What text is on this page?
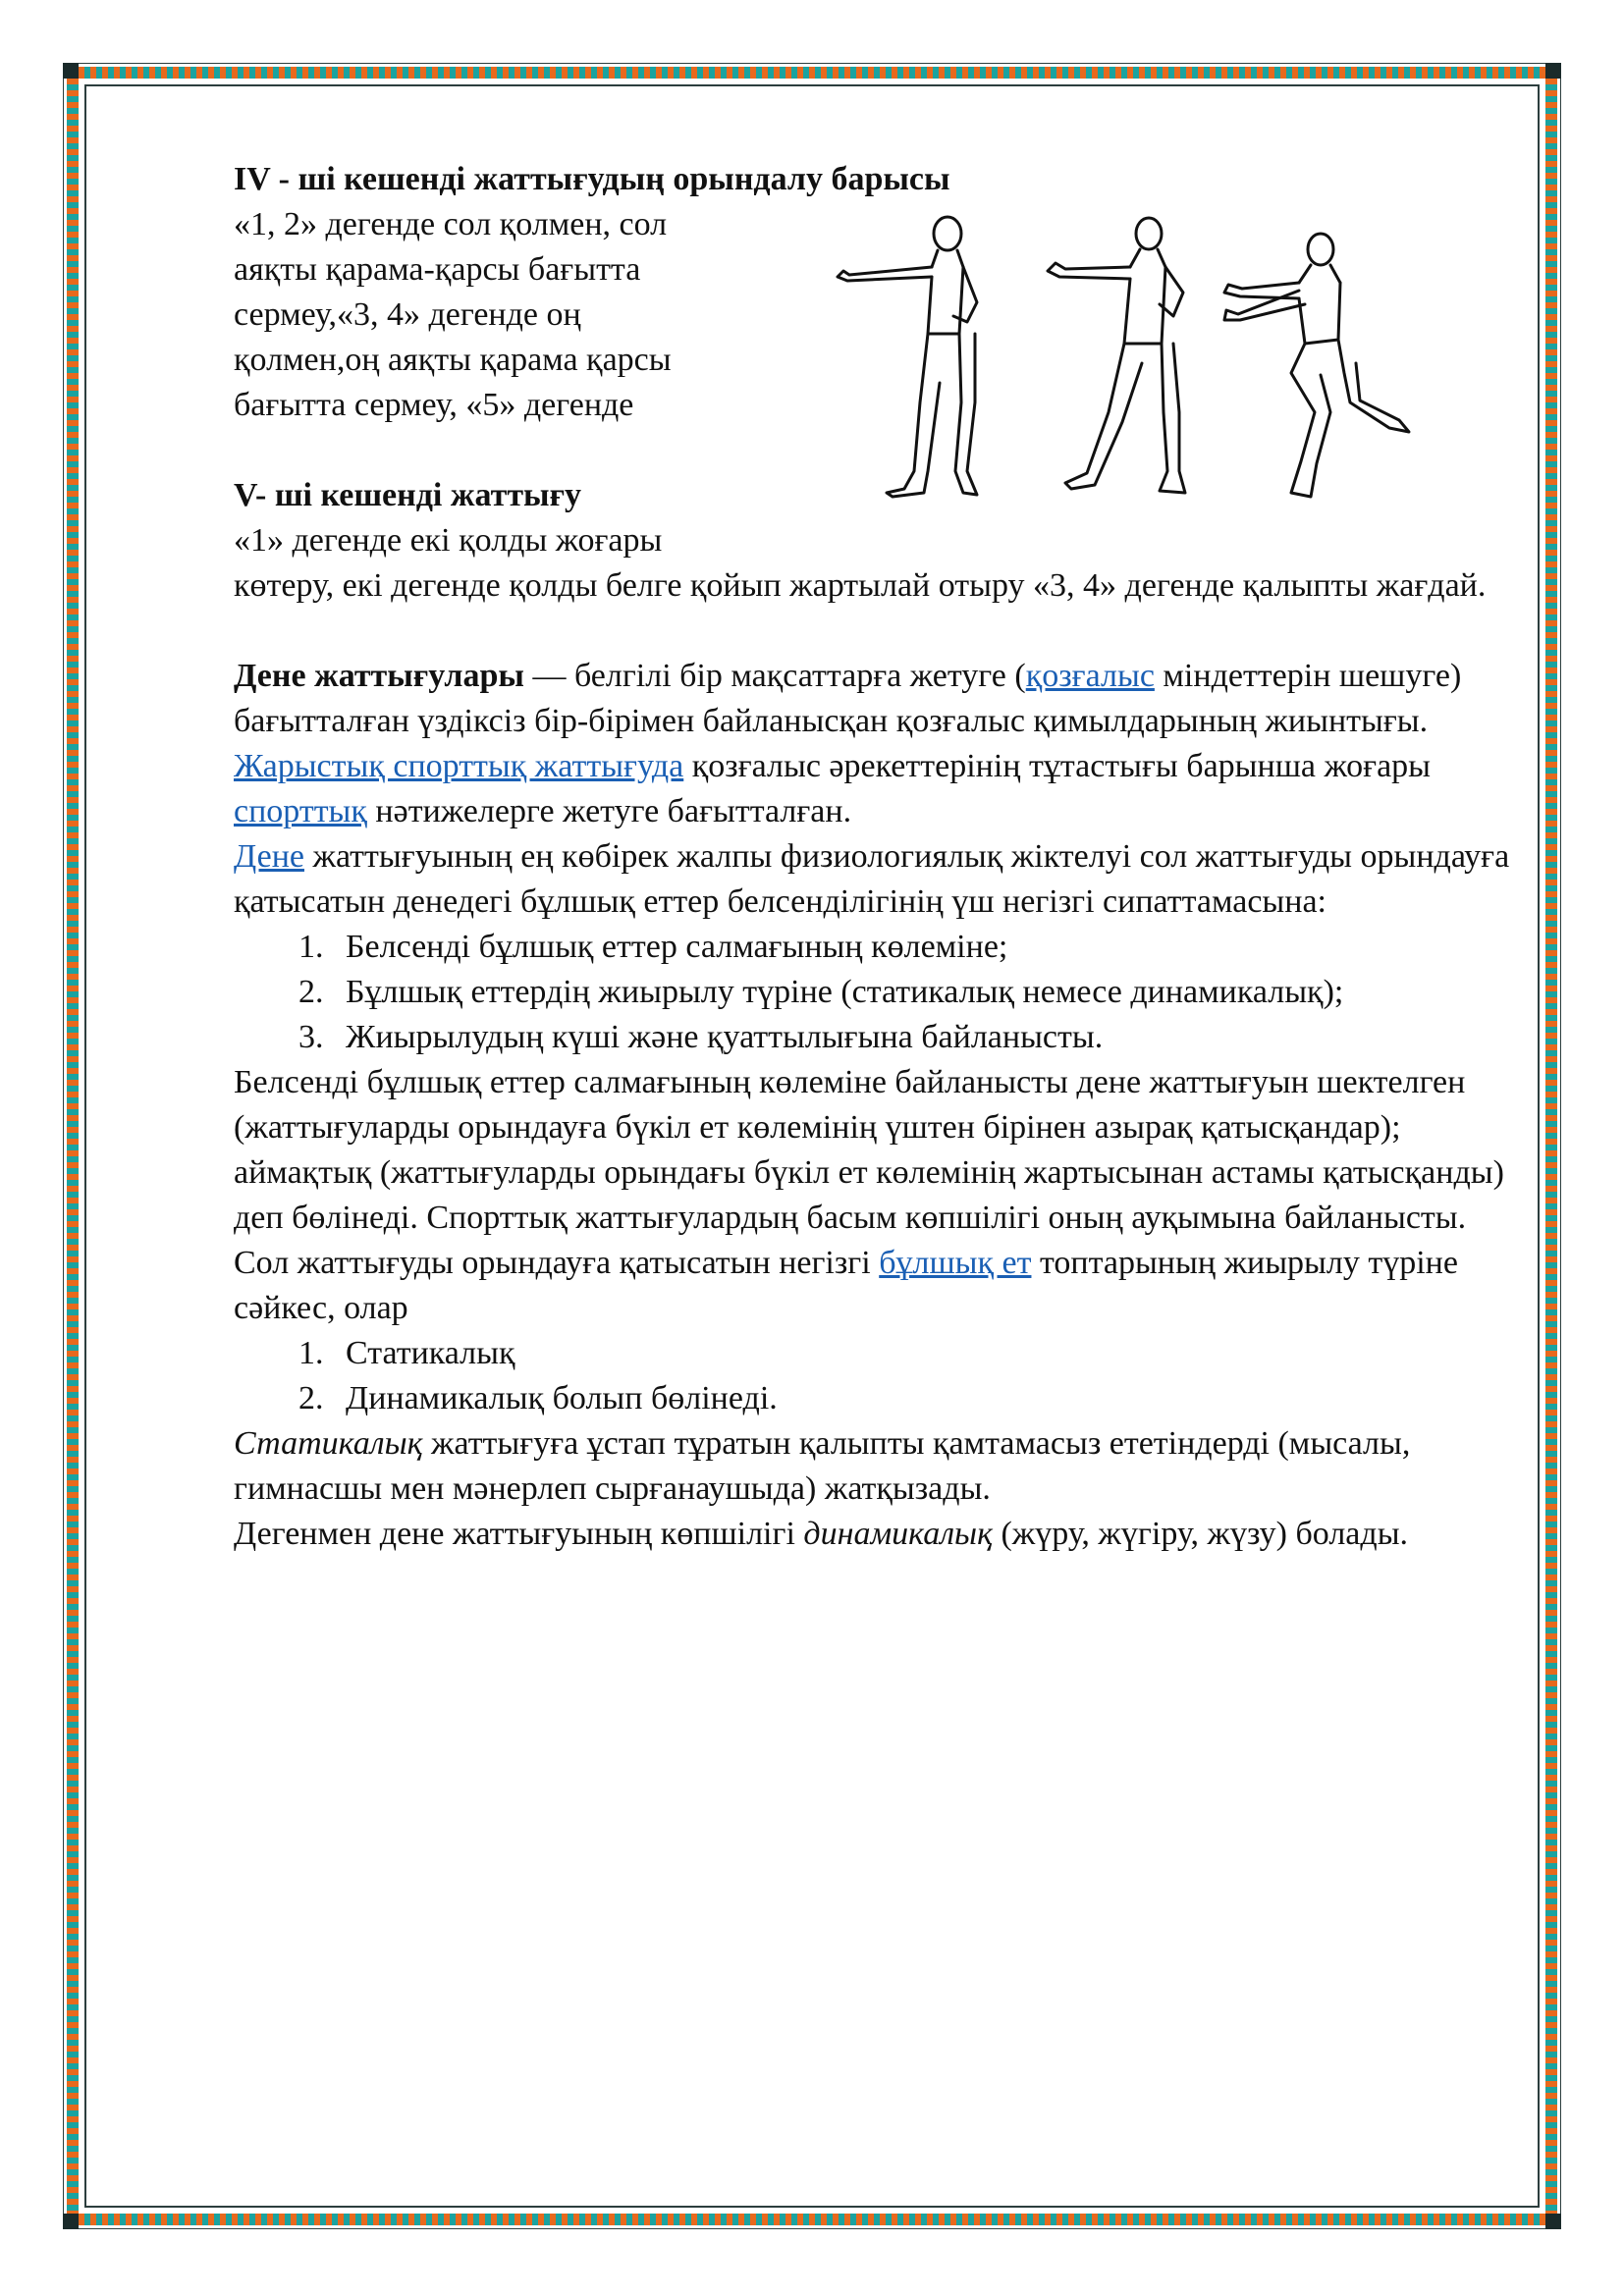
IV - ші кешенді жаттығудың орындалу барысы

«1, 2» дегенде сол қолмен, сол

аяқты қарама-қарсы бағытта

сермеу,«3, 4» дегенде оң

қолмен,оң аяқты қарама қарсы

бағытта сермеу, «5» дегенде

V- ші кешенді жаттығу

«1» дегенде екі қолды жоғары

көтеру, екі дегенде қолды белге қойып жартылай отыру «3, 4» дегенде қалыпты жағдай.

Дене жаттығулары — белгілі бір мақсаттарға жетуге (қозғалыс міндеттерін шешуге) бағытталған үздіксіз бір-бірімен байланысқан қозғалыс қимылдарының жиынтығы. Жарыстық спорттық жаттығуда қозғалыс әрекеттерінің тұтастығы барынша жоғары спорттық нәтижелерге жетуге бағытталған.

Дене жаттығуының ең көбірек жалпы физиологиялық жіктелуі сол жаттығуды орындауға қатысатын денедегі бұлшық еттер белсенділігінің үш негізгі сипаттамасына:

1. Белсенді бұлшық еттер салмағының көлеміне;
2. Бұлшық еттердің жиырылу түріне (статикалық немесе динамикалық);
3. Жиырылудың күші және қуаттылығына байланысты.

Белсенді бұлшық еттер салмағының көлеміне байланысты дене жаттығуын шектелген (жаттығуларды орындауға бүкіл ет көлемінің үштен бірінен азырақ қатысқандар); аймақтық (жаттығуларды орындағы бүкіл ет көлемінің жартысынан астамы қатысқанды) деп бөлінеді. Спорттық жаттығулардың басым көпшілігі оның ауқымына байланысты. Сол жаттығуды орындауға қатысатын негізгі бұлшық ет топтарының жиырылу түріне сәйкес, олар

1. Статикалық
2. Динамикалық болып бөлінеді.

Статикалық жаттығуға ұстап тұратын қалыпты қамтамасыз ететіндерді (мысалы, гимнасшы мен мәнерлеп сырғанаушыда) жатқызады.

Дегенмен дене жаттығуының көпшілігі динамикалық (жүру, жүгіру, жүзу) болады.
